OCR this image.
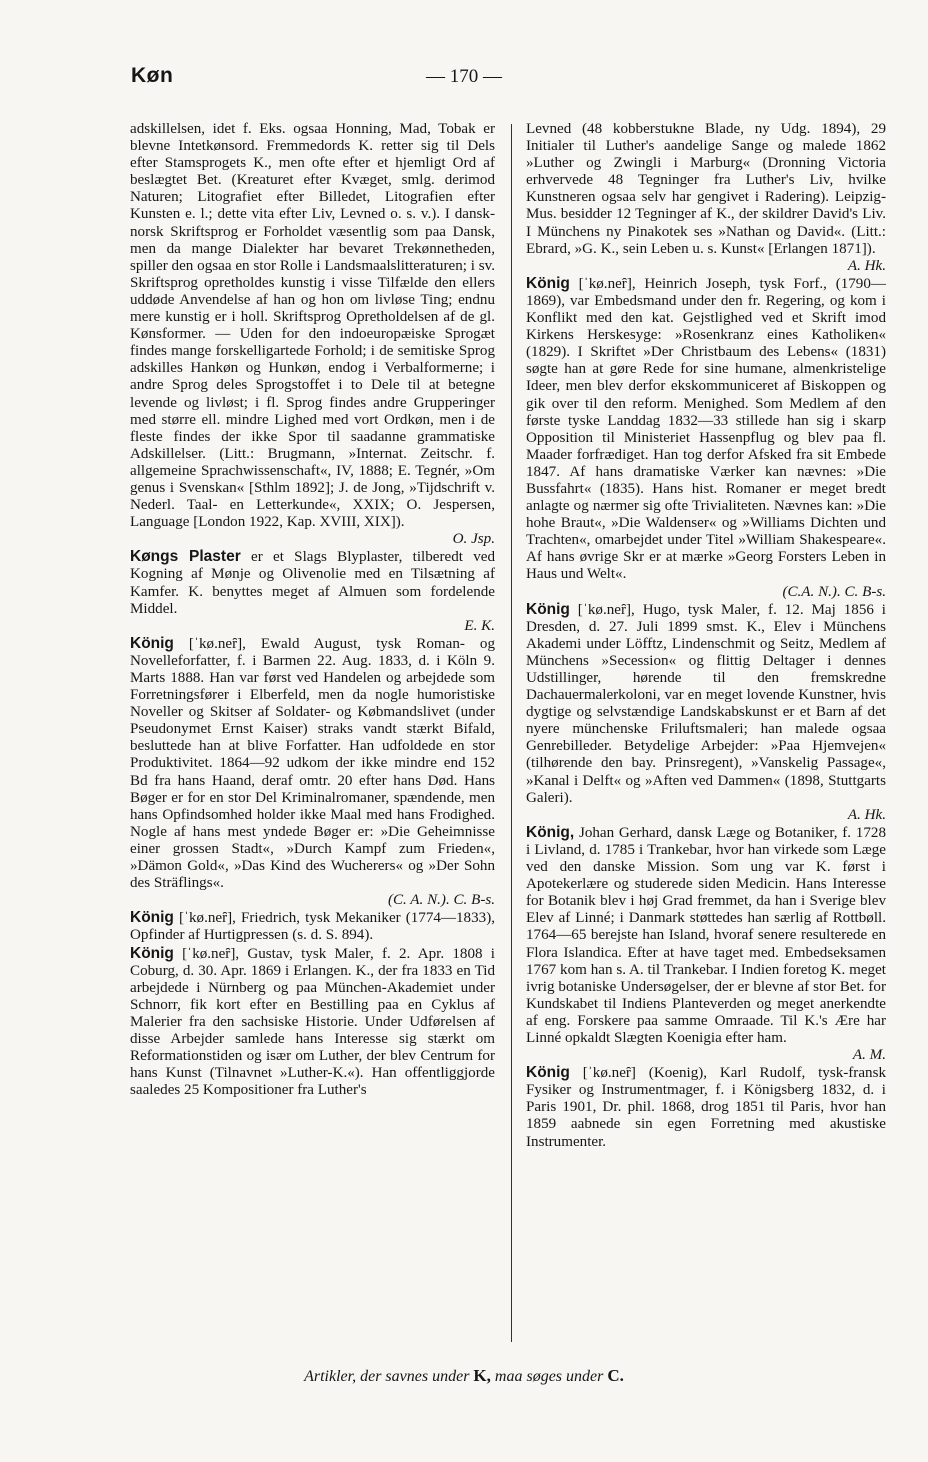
Køn	— 170 —

adskillelsen, idet f. Eks. ogsaa Honning, Mad, Tobak er blevne Intetkønsord. Fremmedords K. retter sig til Dels efter Stamsprogets K., men ofte efter et hjemligt Ord af beslægtet Bet. (Kreaturet efter Kvæget, smlg. derimod Naturen; Litografiet efter Billedet, Litografien efter Kunsten e. l.; dette vita efter Liv, Levned o. s. v.). I dansk-norsk Skriftsprog er Forholdet væsentlig som paa Dansk, men da mange Dialekter har bevaret Trekønnetheden, spiller den ogsaa en stor Rolle i Landsmaalslitteraturen; i sv. Skriftsprog opretholdes kunstig i visse Tilfælde den ellers uddøde Anvendelse af han og hon om livløse Ting; endnu mere kunstig er i holl. Skriftsprog Opretholdelsen af de gl. Kønsformer. — Uden for den indoeuropæiske Sprogæt findes mange forskelligartede Forhold; i de semitiske Sprog adskilles Hankøn og Hunkøn, endog i Verbalformerne; i andre Sprog deles Sprogstoffet i to Dele til at betegne levende og livløst; i fl. Sprog findes andre Grupperinger med større ell. mindre Lighed med vort Ordkøn, men i de fleste findes der ikke Spor til saadanne grammatiske Adskillelser. (Litt.: Brugmann, »Internat. Zeitschr. f. allgemeine Sprachwissenschaft«, IV, 1888; E. Tegnér, »Om genus i Svenskan« [Sthlm 1892]; J. de Jong, »Tijdschrift v. Nederl. Taal- en Letterkunde«, XXIX; O. Jespersen, Language [London 1922, Kap. XVIII, XIX]).
O. Jsp.

Køngs Plaster er et Slags Blyplaster, tilberedt ved Kogning af Mønje og Olivenolie med en Tilsætning af Kamfer. K. benyttes meget af Almuen som fordelende Middel.
E. K.

König [ˈkø.neȓ], Ewald August, tysk Roman- og Novelleforfatter, f. i Barmen 22. Aug. 1833, d. i Köln 9. Marts 1888. Han var først ved Handelen og arbejdede som Forretningsfører i Elberfeld, men da nogle humoristiske Noveller og Skitser af Soldater- og Købmandslivet (under Pseudonymet Ernst Kaiser) straks vandt stærkt Bifald, besluttede han at blive Forfatter. Han udfoldede en stor Produktivitet. 1864—92 udkom der ikke mindre end 152 Bd fra hans Haand, deraf omtr. 20 efter hans Død. Hans Bøger er for en stor Del Kriminalromaner, spændende, men hans Opfindsomhed holder ikke Maal med hans Frodighed. Nogle af hans mest yndede Bøger er: »Die Geheimnisse einer grossen Stadt«, »Durch Kampf zum Frieden«, »Dämon Gold«, »Das Kind des Wucherers« og »Der Sohn des Sträflings«.
(C. A. N.). C. B-s.

König [ˈkø.neȓ], Friedrich, tysk Mekaniker (1774—1833), Opfinder af Hurtigpressen (s. d. S. 894).

König [ˈkø.neȓ], Gustav, tysk Maler, f. 2. Apr. 1808 i Coburg, d. 30. Apr. 1869 i Erlangen. K., der fra 1833 en Tid arbejdede i Nürnberg og paa München-Akademiet under Schnorr, fik kort efter en Bestilling paa en Cyklus af Malerier fra den sachsiske Historie. Under Udførelsen af disse Arbejder samlede hans Interesse sig stærkt om Reformationstiden og især om Luther, der blev Centrum for hans Kunst (Tilnavnet »Luther-K.«). Han offentliggjorde saaledes 25 Kompositioner fra Luther's

Levned (48 kobberstukne Blade, ny Udg. 1894), 29 Initialer til Luther's aandelige Sange og malede 1862 »Luther og Zwingli i Marburg« (Dronning Victoria erhvervede 48 Tegninger fra Luther's Liv, hvilke Kunstneren ogsaa selv har gengivet i Radering). Leipzig-Mus. besidder 12 Tegninger af K., der skildrer David's Liv. I Münchens ny Pinakotek ses »Nathan og David«. (Litt.: Ebrard, »G. K., sein Leben u. s. Kunst« [Erlangen 1871]).
A. Hk.

König [ˈkø.neȓ], Heinrich Joseph, tysk Forf., (1790—1869), var Embedsmand under den fr. Regering, og kom i Konflikt med den kat. Gejstlighed ved et Skrift imod Kirkens Herskesyge: »Rosenkranz eines Katholiken« (1829). I Skriftet »Der Christbaum des Lebens« (1831) søgte han at gøre Rede for sine humane, almenkristelige Ideer, men blev derfor ekskommuniceret af Biskoppen og gik over til den reform. Menighed. Som Medlem af den første tyske Landdag 1832—33 stillede han sig i skarp Opposition til Ministeriet Hassenpflug og blev paa fl. Maader forfrædiget. Han tog derfor Afsked fra sit Embede 1847. Af hans dramatiske Værker kan nævnes: »Die Bussfahrt« (1835). Hans hist. Romaner er meget bredt anlagte og nærmer sig ofte Trivialiteten. Nævnes kan: »Die hohe Braut«, »Die Waldenser« og »Williams Dichten und Trachten«, omarbejdet under Titel »William Shakespeare«. Af hans øvrige Skr er at mærke »Georg Forsters Leben in Haus und Welt«.
(C.A. N.). C. B-s.

König [ˈkø.neȓ], Hugo, tysk Maler, f. 12. Maj 1856 i Dresden, d. 27. Juli 1899 smst. K., Elev i Münchens Akademi under Löfftz, Lindenschmit og Seitz, Medlem af Münchens »Secession« og flittig Deltager i dennes Udstillinger, hørende til den fremskredne Dachauermalerkoloni, var en meget lovende Kunstner, hvis dygtige og selvstændige Landskabskunst er et Barn af det nyere münchenske Friluftsmaleri; han malede ogsaa Genrebilleder. Betydelige Arbejder: »Paa Hjemvejen« (tilhørende den bay. Prinsregent), »Vanskelig Passage«, »Kanal i Delft« og »Aften ved Dammen« (1898, Stuttgarts Galeri).
A. Hk.

König, Johan Gerhard, dansk Læge og Botaniker, f. 1728 i Livland, d. 1785 i Trankebar, hvor han virkede som Læge ved den danske Mission. Som ung var K. først i Apotekerlære og studerede siden Medicin. Hans Interesse for Botanik blev i høj Grad fremmet, da han i Sverige blev Elev af Linné; i Danmark støttedes han særlig af Rottbøll. 1764—65 berejste han Island, hvoraf senere resulterede en Flora Islandica. Efter at have taget med. Embedseksamen 1767 kom han s. A. til Trankebar. I Indien foretog K. meget ivrig botaniske Undersøgelser, der er blevne af stor Bet. for Kundskabet til Indiens Planteverden og meget anerkendte af eng. Forskere paa samme Omraade. Til K.'s Ære har Linné opkaldt Slægten Koenigia efter ham.
A. M.

König [ˈkø.neȓ] (Koenig), Karl Rudolf, tysk-fransk Fysiker og Instrumentmager, f. i Königsberg 1832, d. i Paris 1901, Dr. phil. 1868, drog 1851 til Paris, hvor han 1859 aabnede sin egen Forretning med akustiske Instrumenter.

Artikler, der savnes under K, maa søges under C.
